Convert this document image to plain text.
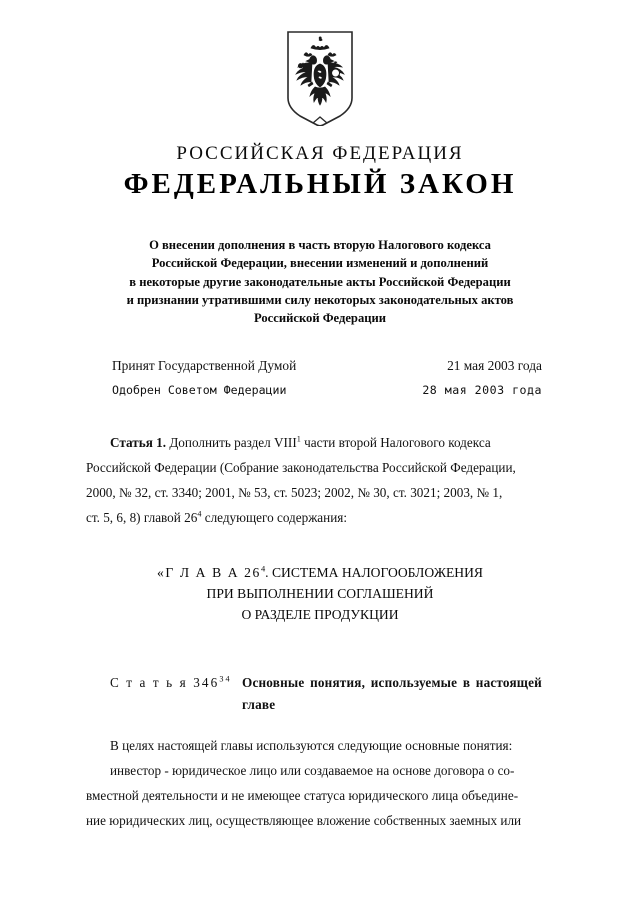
РОССИЙСКАЯ ФЕДЕРАЦИЯ
ФЕДЕРАЛЬНЫЙ ЗАКОН
О внесении дополнения в часть вторую Налогового кодекса
Российской Федерации, внесении изменений и дополнений
в некоторые другие законодательные акты Российской Федерации
и признании утратившими силу некоторых законодательных актов
Российской Федерации
Принят Государственной Думой	21 мая 2003 года
Одобрен Советом Федерации	28 мая 2003 года
Статья 1. Дополнить раздел VIII$^1$ части второй Налогового кодекса
Российской Федерации (Собрание законодательства Российской Федерации,
2000, № 32, ст. 3340; 2001, № 53, ст. 5023; 2002, № 30, ст. 3021; 2003, № 1,
ст. 5, 6, 8) главой $26^4$ следующего содержания:
«Г Л А В А $26^4$. СИСТЕМА НАЛОГООБЛОЖЕНИЯ
ПРИ ВЫПОЛНЕНИИ СОГЛАШЕНИЙ
О РАЗДЕЛЕ ПРОДУКЦИИ
С т а т ь я $346^{34}$ Основные понятия, используемые в настоящей
главе
В целях настоящей главы используются следующие основные понятия:
инвестор - юридическое лицо или создаваемое на основе договора о со-
вместной деятельности и не имеющее статуса юридического лица объедине-
ние юридических лиц, осуществляющее вложение собственных заемных или
